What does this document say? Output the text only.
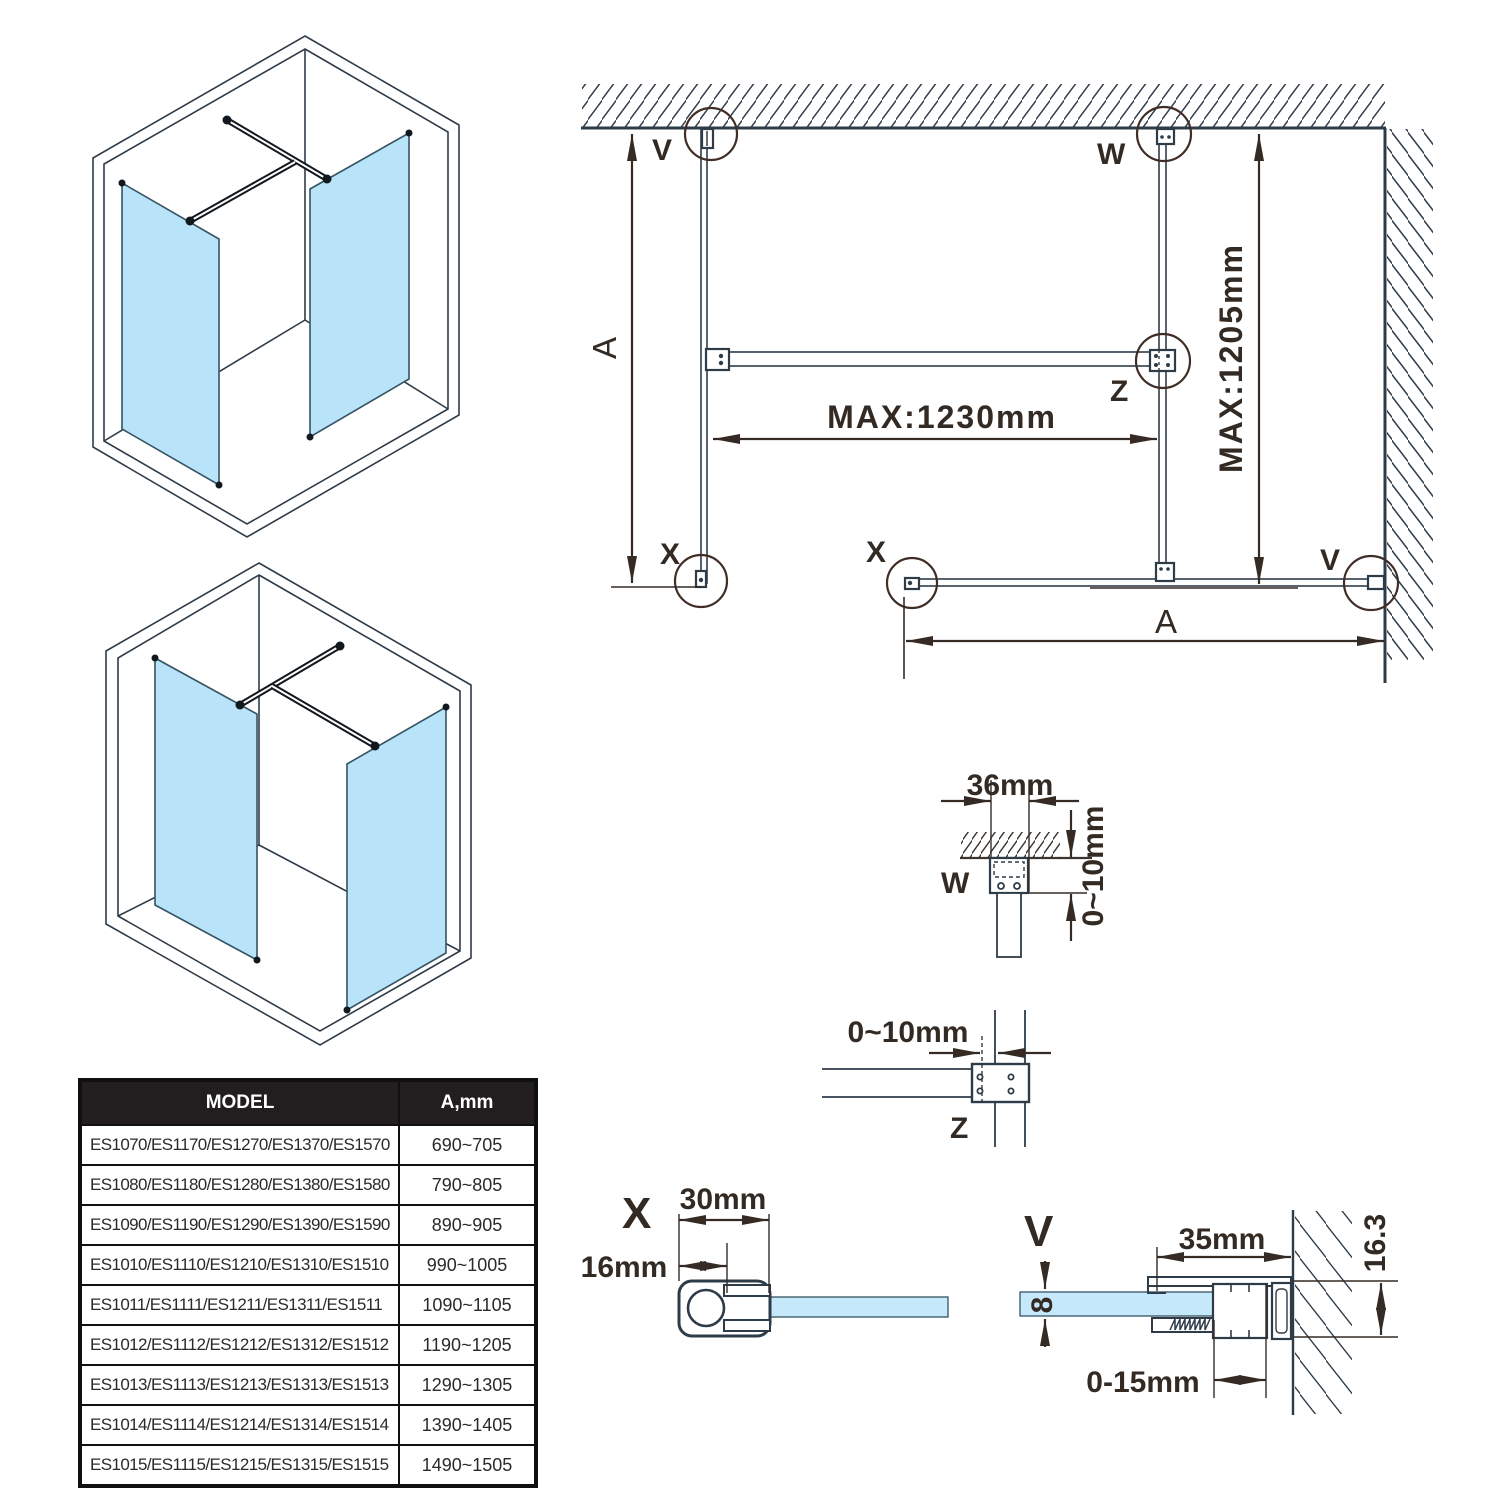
V	W
Z
X	X	V
A
A
MAX:1230mm	MAX:1205mm
36mm
W	0~10mm
0~10mm
Z
X 30mm
16mm
V	35mm
8
0-15mm
16.3
MODEL	A,mm
ES1070/ES1170/ES1270/ES1370/ES1570	690~705
ES1080/ES1180/ES1280/ES1380/ES1580	790~805
ES1090/ES1190/ES1290/ES1390/ES1590	890~905
ES1010/ES1110/ES1210/ES1310/ES1510	990~1005
ES1011/ES1111/ES1211/ES1311/ES1511	1090~1105
ES1012/ES1112/ES1212/ES1312/ES1512	1190~1205
ES1013/ES1113/ES1213/ES1313/ES1513	1290~1305
ES1014/ES1114/ES1214/ES1314/ES1514	1390~1405
ES1015/ES1115/ES1215/ES1315/ES1515	1490~1505
